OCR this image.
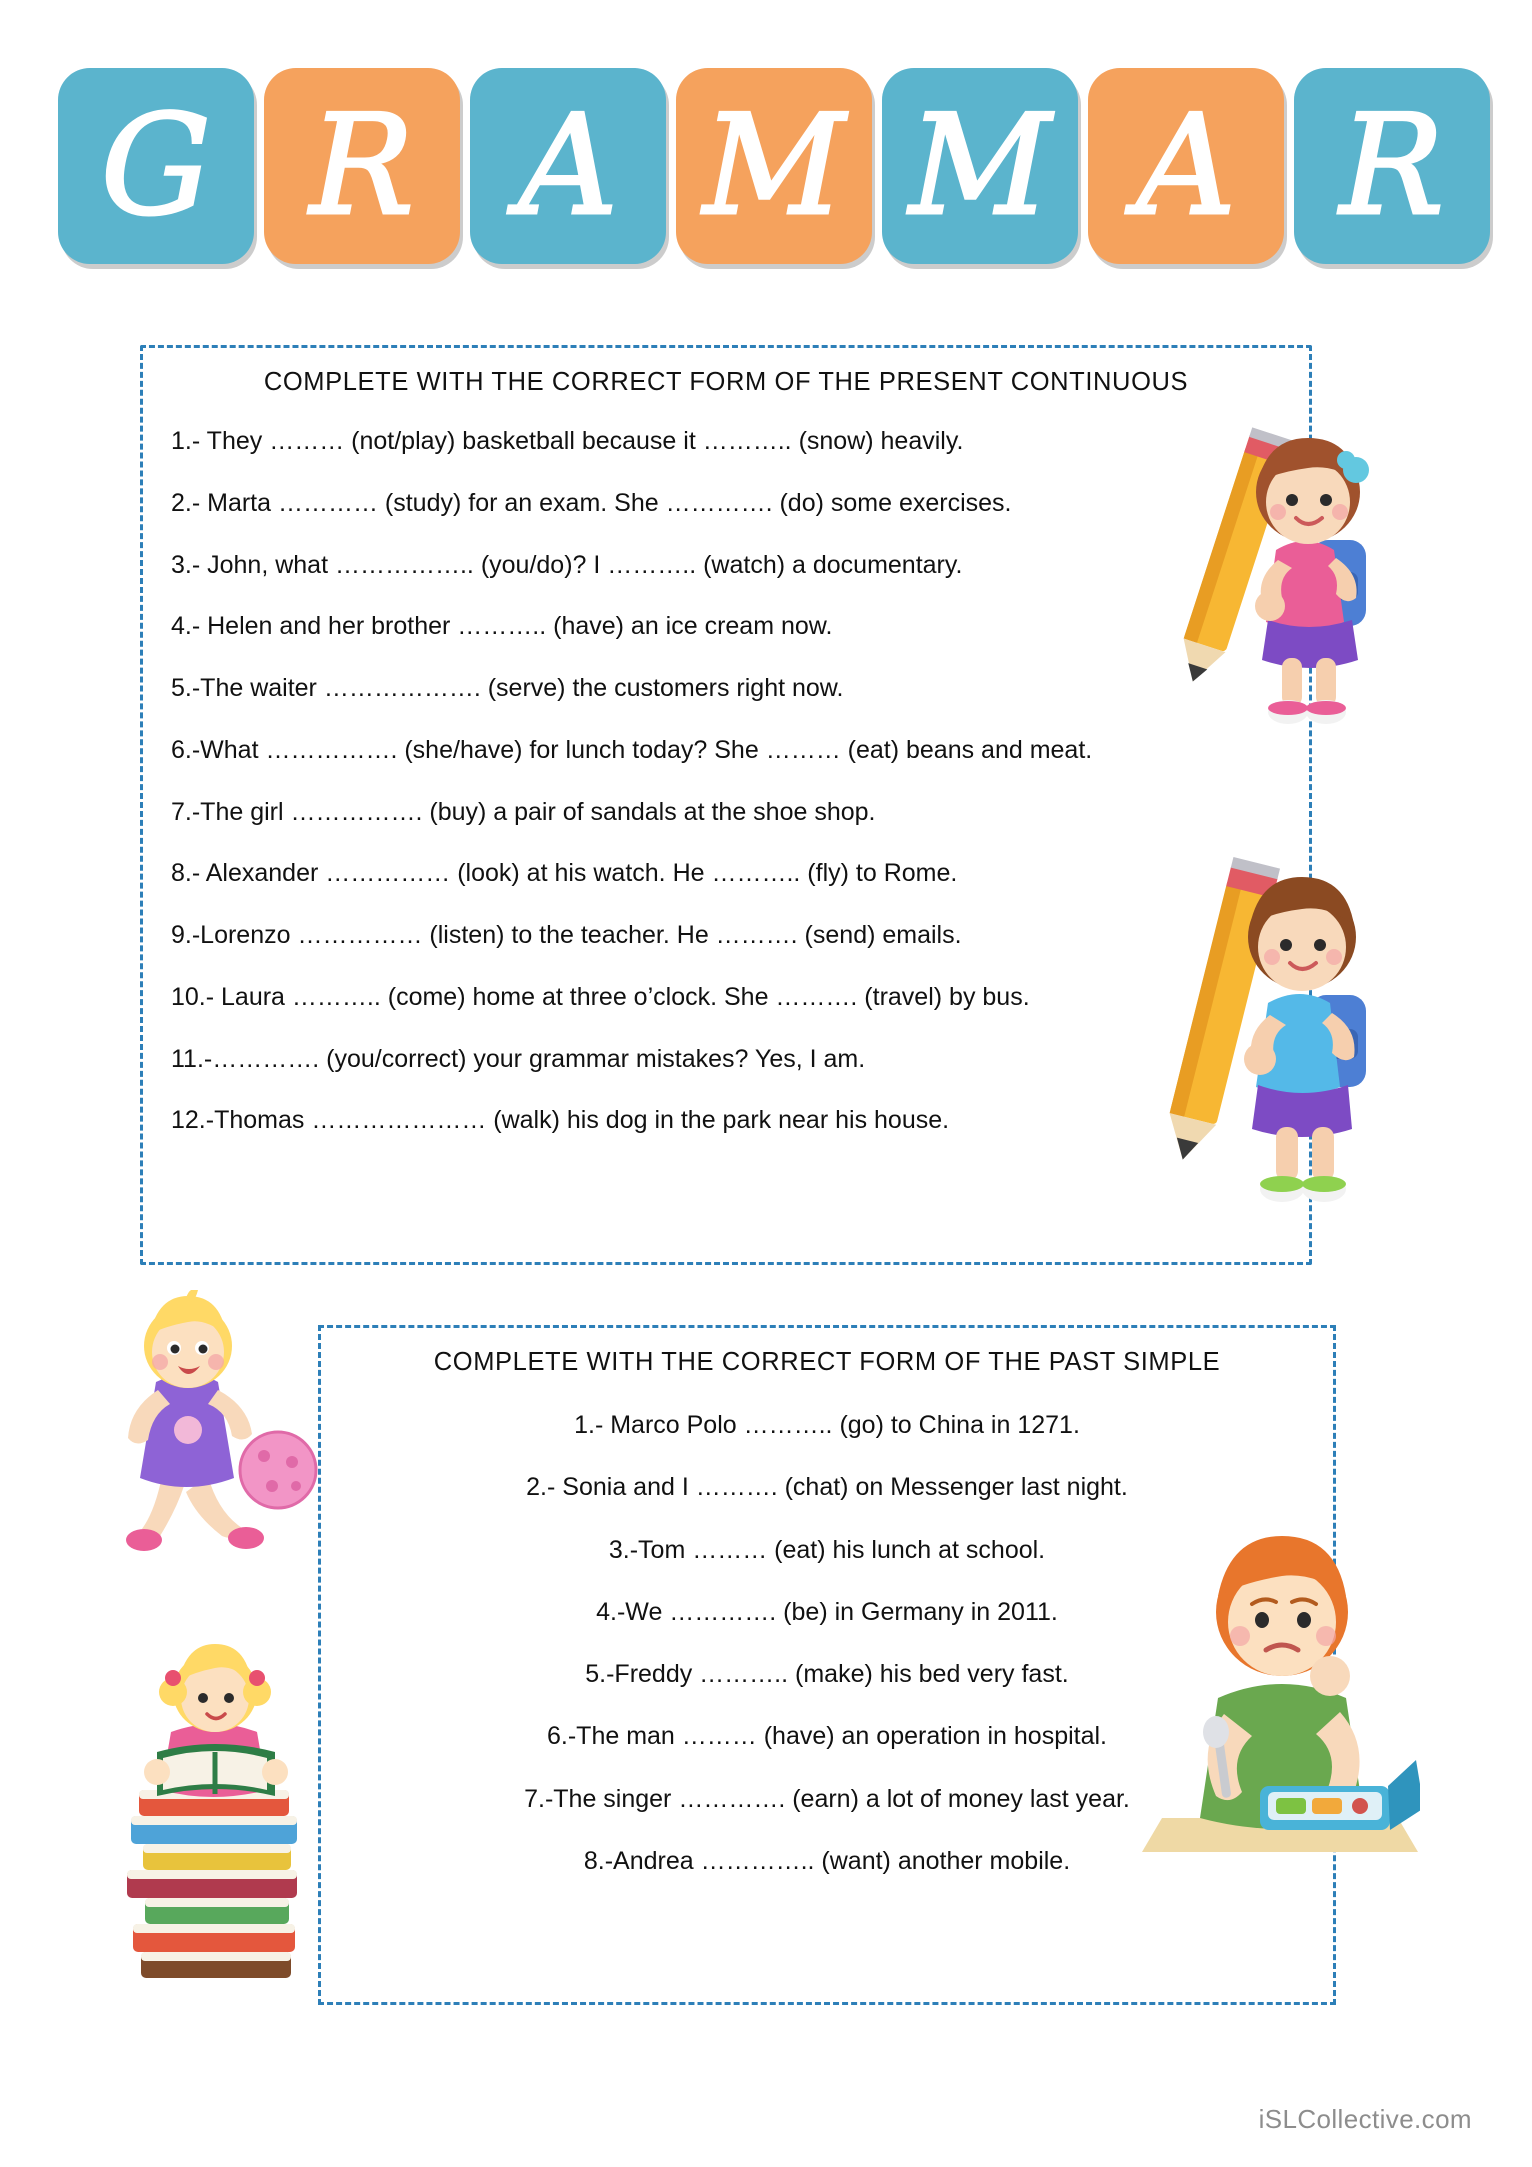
G R A M M A R
COMPLETE WITH THE CORRECT FORM OF THE PRESENT CONTINUOUS
1.- They ……… (not/play) basketball because it ……….. (snow) heavily.
2.- Marta ………… (study) for an exam. She …………. (do) some exercises.
3.- John, what …………….. (you/do)? I ……….. (watch) a documentary.
4.- Helen and her brother ……….. (have) an ice cream now.
5.-The waiter ………………. (serve) the customers right now.
6.-What ……………. (she/have) for lunch today? She ……… (eat) beans and meat.
7.-The girl ……………. (buy) a pair of sandals at the shoe shop.
8.- Alexander …………… (look) at his watch. He ……….. (fly) to Rome.
9.-Lorenzo …………… (listen) to the teacher. He ………. (send) emails.
10.- Laura ……….. (come) home at three o’clock. She ………. (travel) by bus.
11.-…………. (you/correct) your grammar mistakes? Yes, I am.
12.-Thomas ………………… (walk) his dog in the park near his house.
COMPLETE WITH THE CORRECT FORM OF THE PAST SIMPLE
1.- Marco Polo ……….. (go) to China in 1271.
2.- Sonia and I ………. (chat) on Messenger last night.
3.-Tom ……… (eat) his lunch at school.
4.-We …………. (be) in Germany in 2011.
5.-Freddy ……….. (make) his bed very fast.
6.-The man ……… (have) an operation in hospital.
7.-The singer …………. (earn) a lot of money last year.
8.-Andrea ………….. (want) another mobile.
iSLCollective.com
